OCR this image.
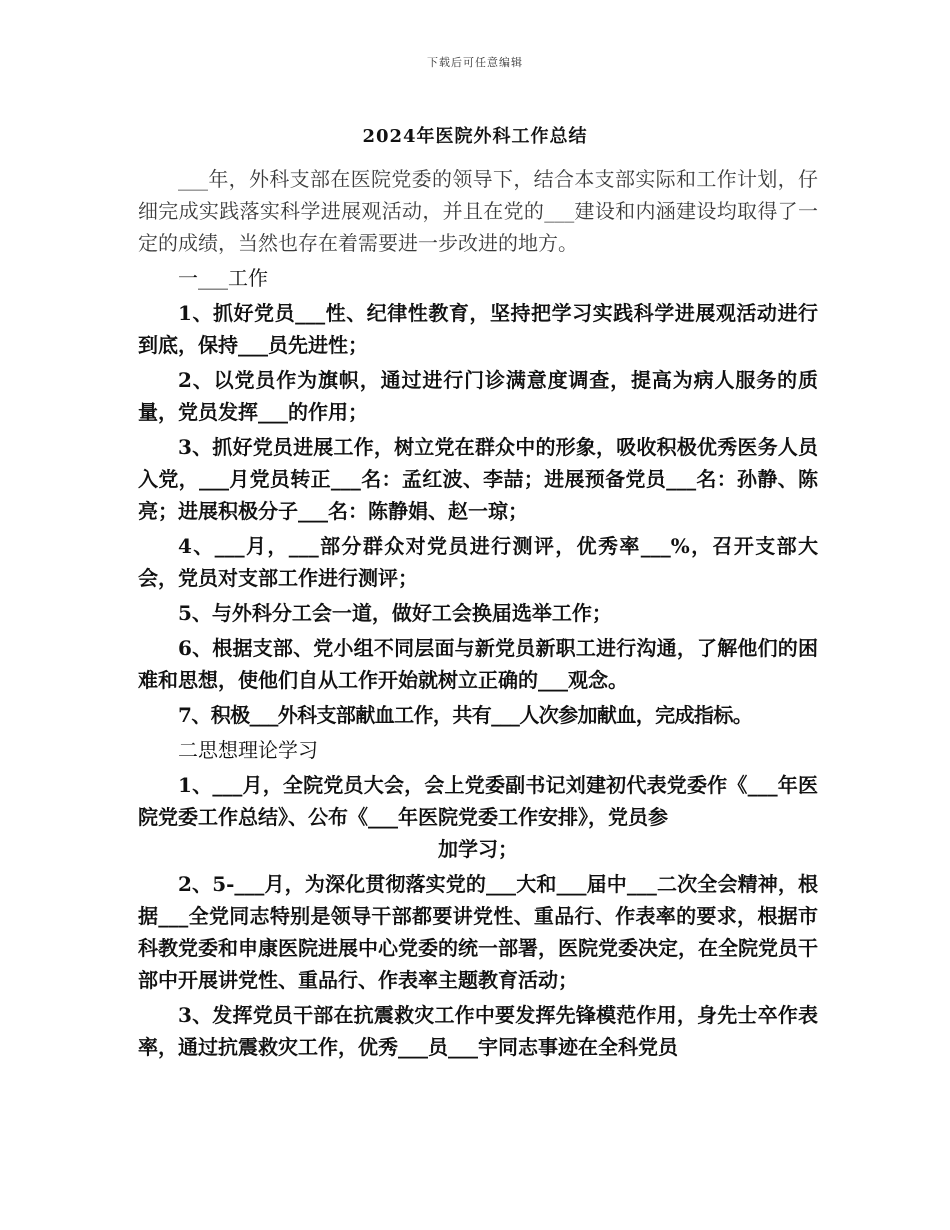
下载后可任意编辑
2024年医院外科工作总结

___年，外科支部在医院党委的领导下，结合本支部实际和工作计划，仔细完成实践落实科学进展观活动，并且在党的___建设和内涵建设均取得了一定的成绩，当然也存在着需要进一步改进的地方。

一___工作

1、抓好党员___性、纪律性教育，坚持把学习实践科学进展观活动进行到底，保持___员先进性；

2、以党员作为旗帜，通过进行门诊满意度调查，提高为病人服务的质量，党员发挥___的作用；

3、抓好党员进展工作，树立党在群众中的形象，吸收积极优秀医务人员入党，___月党员转正___名：孟红波、李喆；进展预备党员___名：孙静、陈亮；进展积极分子___名：陈静娟、赵一琼；

4、___月，___部分群众对党员进行测评，优秀率___%，召开支部大会，党员对支部工作进行测评；

5、与外科分工会一道，做好工会换届选举工作；

6、根据支部、党小组不同层面与新党员新职工进行沟通，了解他们的困难和思想，使他们自从工作开始就树立正确的___观念。

7、积极___外科支部献血工作，共有___人次参加献血，完成指标。

二思想理论学习

1、___月，全院党员大会，会上党委副书记刘建初代表党委作《___年医院党委工作总结》、公布《___年医院党委工作安排》，党员参

加学习；

2、5-___月，为深化贯彻落实党的___大和___届中___二次全会精神，根据___全党同志特别是领导干部都要讲党性、重品行、作表率的要求，根据市科教党委和申康医院进展中心党委的统一部署，医院党委决定，在全院党员干部中开展讲党性、重品行、作表率主题教育活动；

3、发挥党员干部在抗震救灾工作中要发挥先锋模范作用，身先士卒作表率，通过抗震救灾工作，优秀___员___宇同志事迹在全科党员
